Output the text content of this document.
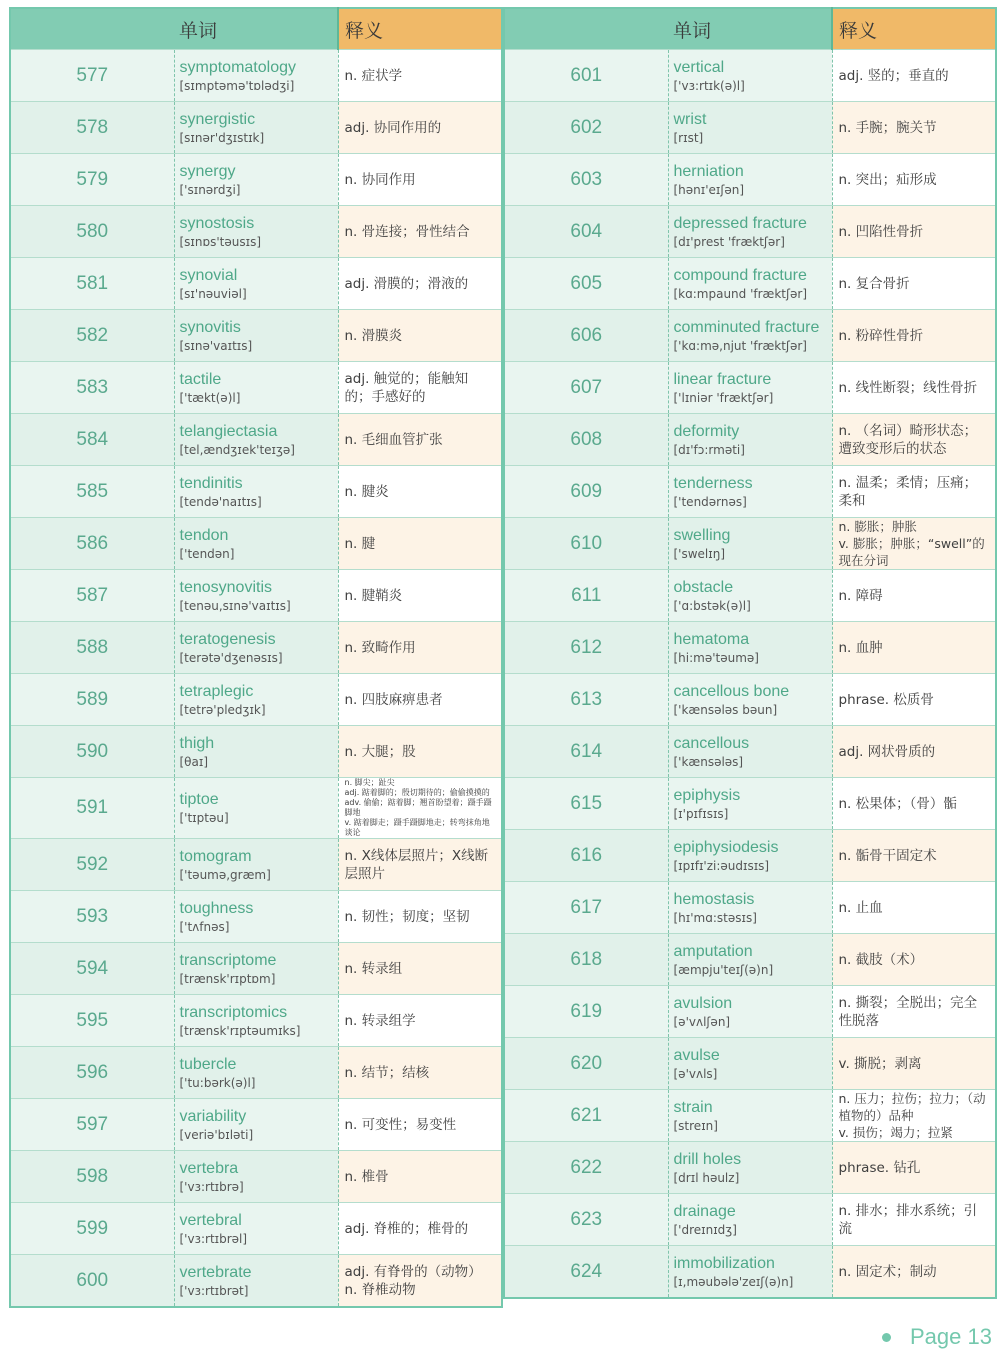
	单词	释义
577	symptomatology
[sɪmptəmə'tɒlədʒi]	n. 症状学

578	synergistic
[sɪnər'dʒɪstɪk]	adj. 协同作用的

579	synergy
['sɪnərdʒi]	n. 协同作用

580	synostosis
[sɪnɒs'təusɪs]	n. 骨连接；骨性结合

581	synovial
[sɪ'nəuviəl]	adj. 滑膜的；滑液的

582	synovitis
[sɪnə'vaɪtɪs]	n. 滑膜炎

583	tactile
['tækt(ə)l]	adj. 触觉的；能触知的；手感好的

584	telangiectasia
[tel,ændʒɪek'teɪʒə]	n. 毛细血管扩张

585	tendinitis
[tendə'naɪtɪs]	n. 腱炎

586	tendon
['tendən]	n. 腱

587	tenosynovitis
[tenəu,sɪnə'vaɪtɪs]	n. 腱鞘炎

588	teratogenesis
[terətə'dʒenəsɪs]	n. 致畸作用

589	tetraplegic
[tetrə'pledʒɪk]	n. 四肢麻痹患者

590	thigh
[θaɪ]	n. 大腿；股

591	tiptoe
['tɪptəu]	n. 脚尖；趾尖
adj. 踮着脚的；殷切期待的；偷偷摸摸的
adv. 偷偷；踮着脚；翘首盼望着；蹑手蹑脚地
v. 踮着脚走；蹑手蹑脚地走；转弯抹角地谈论

592	tomogram
['təumə,græm]	n. X线体层照片；X线断层照片

593	toughness
['tʌfnəs]	n. 韧性；韧度；坚韧

594	transcriptome
[trænsk'rɪptɒm]	n. 转录组

595	transcriptomics
[trænsk'rɪptəumɪks]	n. 转录组学

596	tubercle
['tu:bərk(ə)l]	n. 结节；结核

597	variability
[veriə'bɪləti]	n. 可变性；易变性

598	vertebra
['vɜ:rtɪbrə]	n. 椎骨

599	vertebral
['vɜ:rtɪbrəl]	adj. 脊椎的；椎骨的

600	vertebrate
['vɜ:rtɪbrət]	adj. 有脊骨的（动物）
n. 脊椎动物
	单词	释义
601	vertical
['vɜ:rtɪk(ə)l]	adj. 竖的；垂直的

602	wrist
[rɪst]	n. 手腕；腕关节

603	herniation
[hənɪ'eɪʃən]	n. 突出；疝形成

604	depressed fracture
[dɪ'prest 'fræktʃər]	n. 凹陷性骨折

605	compound fracture
[kɑ:mpaund 'fræktʃər]	n. 复合骨折

606	comminuted fracture
['kɑ:mə,njut 'fræktʃər]	n. 粉碎性骨折

607	linear fracture
['lɪniər 'fræktʃər]	n. 线性断裂；线性骨折

608	deformity
[dɪ'fɔ:rməti]	n. （名词）畸形状态；遭致变形后的状态

609	tenderness
['tendərnəs]	n. 温柔；柔情；压痛；柔和

610	swelling
['swelɪŋ]	n. 膨胀；肿胀
v. 膨胀；肿胀；“swell”的现在分词

611	obstacle
['ɑ:bstək(ə)l]	n. 障碍

612	hematoma
[hi:mə'təumə]	n. 血肿

613	cancellous bone
['kænsələs bəun]	phrase. 松质骨

614	cancellous
['kænsələs]	adj. 网状骨质的

615	epiphysis
[ɪ'pɪfɪsɪs]	n. 松果体；（骨）骺

616	epiphysiodesis
[ɪpɪfɪ'zi:əudɪsɪs]	n. 骺骨干固定术

617	hemostasis
[hɪ'mɑ:stəsɪs]	n. 止血

618	amputation
[æmpju'teɪʃ(ə)n]	n. 截肢（术）

619	avulsion
[ə'vʌlʃən]	n. 撕裂；全脱出；完全性脱落

620	avulse
[ə'vʌls]	v. 撕脱；剥离

621	strain
[streɪn]	n. 压力；拉伤；拉力；（动植物的）品种
v. 损伤；竭力；拉紧

622	drill holes
[drɪl həulz]	phrase. 钻孔

623	drainage
['dreɪnɪdʒ]	n. 排水；排水系统；引流

624	immobilization
[ɪ,məubələ'zeɪʃ(ə)n]	n. 固定术；制动
Page 13
